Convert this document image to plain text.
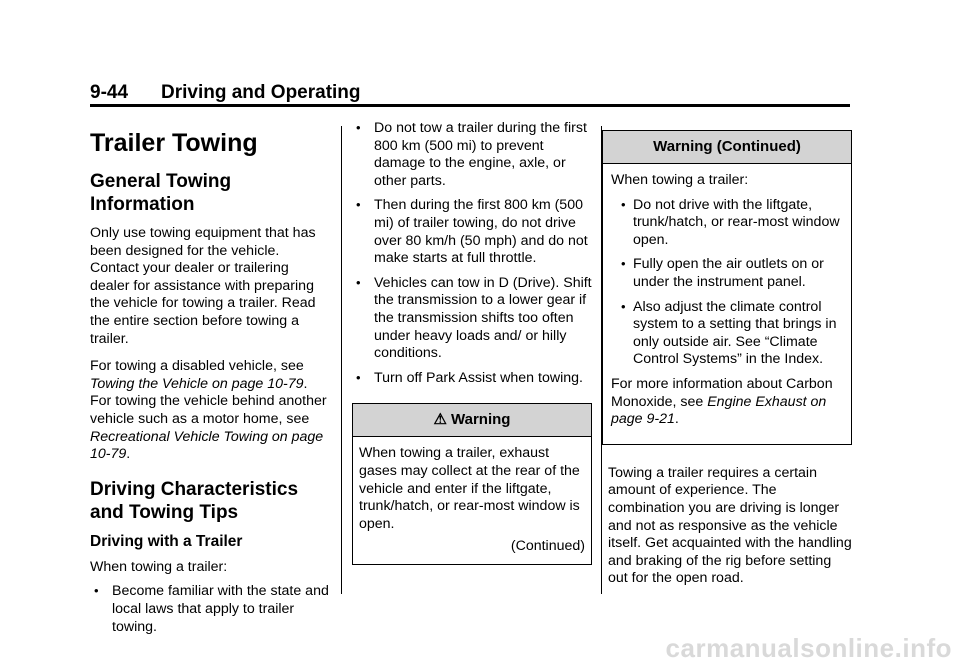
9-44 Driving and Operating
Trailer Towing
General Towing Information

Only use towing equipment that has been designed for the vehicle. Contact your dealer or trailering dealer for assistance with preparing the vehicle for towing a trailer. Read the entire section before towing a trailer.

For towing a disabled vehicle, see Towing the Vehicle on page 10-79. For towing the vehicle behind another vehicle such as a motor home, see Recreational Vehicle Towing on page 10-79.

Driving Characteristics and Towing Tips
Driving with a Trailer

When towing a trailer:

• Become familiar with the state and local laws that apply to trailer towing.
• Do not tow a trailer during the first 800 km (500 mi) to prevent damage to the engine, axle, or other parts.
• Then during the first 800 km (500 mi) of trailer towing, do not drive over 80 km/h (50 mph) and do not make starts at full throttle.
• Vehicles can tow in D (Drive). Shift the transmission to a lower gear if the transmission shifts too often under heavy loads and/ or hilly conditions.
• Turn off Park Assist when towing.
⚠ Warning

When towing a trailer, exhaust gases may collect at the rear of the vehicle and enter if the liftgate, trunk/hatch, or rear-most window is open.

(Continued)
Warning (Continued)

When towing a trailer:

• Do not drive with the liftgate, trunk/hatch, or rear-most window open.
• Fully open the air outlets on or under the instrument panel.
• Also adjust the climate control system to a setting that brings in only outside air. See “Climate Control Systems” in the Index.

For more information about Carbon Monoxide, see Engine Exhaust on page 9-21.

Towing a trailer requires a certain amount of experience. The combination you are driving is longer and not as responsive as the vehicle itself. Get acquainted with the handling and braking of the rig before setting out for the open road.

carmanualsonline.info
